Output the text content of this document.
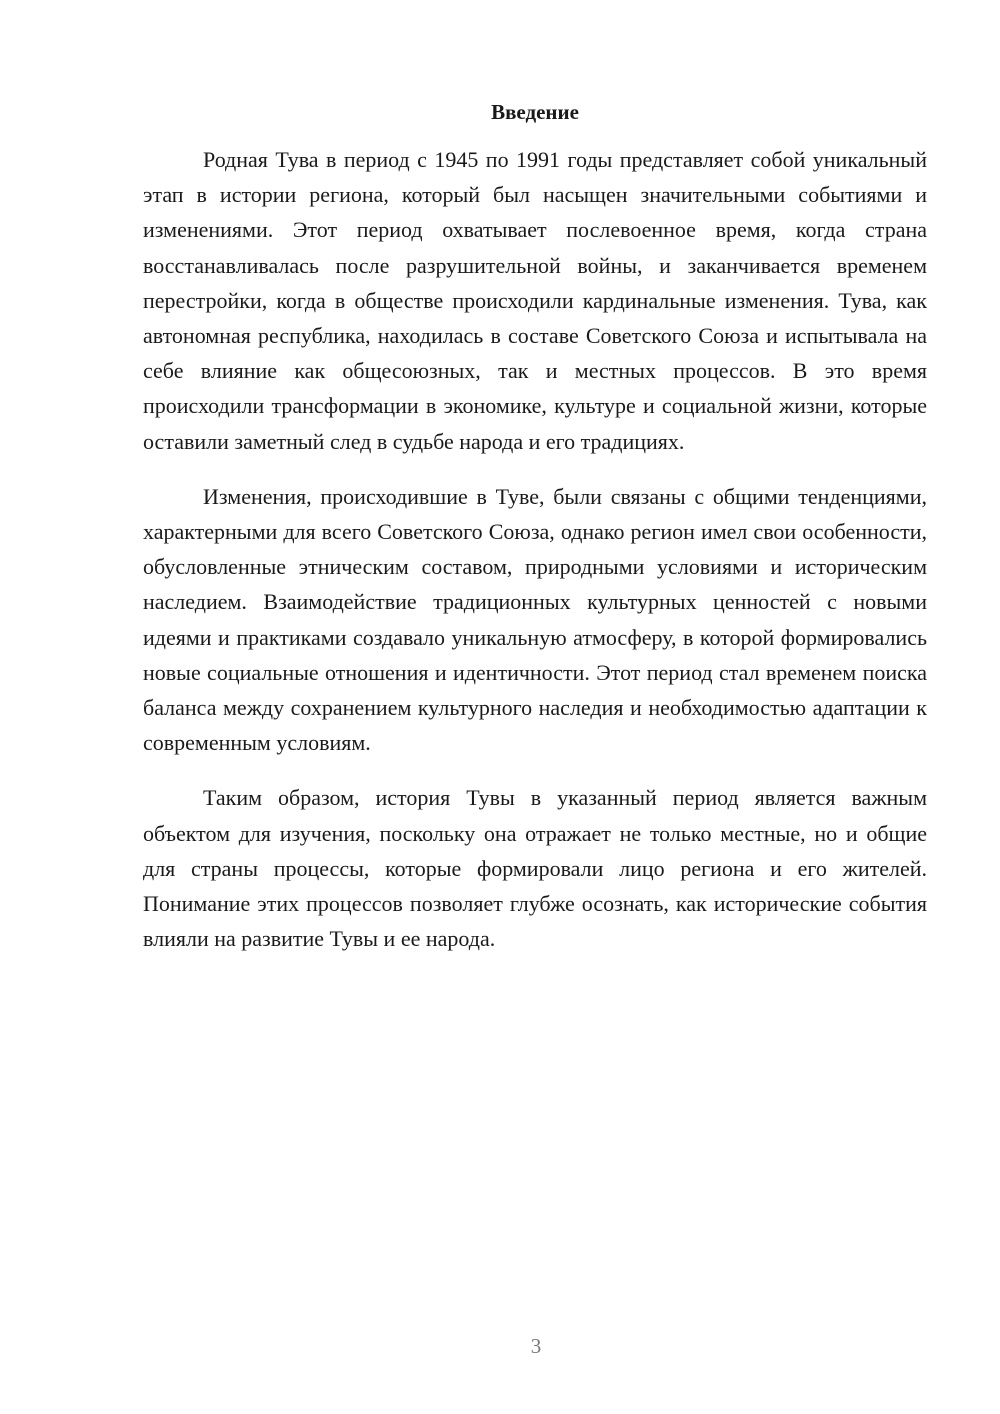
Введение

Родная Тува в период с 1945 по 1991 годы представляет собой уникальный этап в истории региона, который был насыщен значительными событиями и изменениями. Этот период охватывает послевоенное время, когда страна восстанавливалась после разрушительной войны, и заканчивается временем перестройки, когда в обществе происходили кардинальные изменения. Тува, как автономная республика, находилась в составе Советского Союза и испытывала на себе влияние как общесоюзных, так и местных процессов. В это время происходили трансформации в экономике, культуре и социальной жизни, которые оставили заметный след в судьбе народа и его традициях.

Изменения, происходившие в Туве, были связаны с общими тенденциями, характерными для всего Советского Союза, однако регион имел свои особенности, обусловленные этническим составом, природными условиями и историческим наследием. Взаимодействие традиционных культурных ценностей с новыми идеями и практиками создавало уникальную атмосферу, в которой формировались новые социальные отношения и идентичности. Этот период стал временем поиска баланса между сохранением культурного наследия и необходимостью адаптации к современным условиям.

Таким образом, история Тувы в указанный период является важным объектом для изучения, поскольку она отражает не только местные, но и общие для страны процессы, которые формировали лицо региона и его жителей. Понимание этих процессов позволяет глубже осознать, как исторические события влияли на развитие Тувы и ее народа.

3
